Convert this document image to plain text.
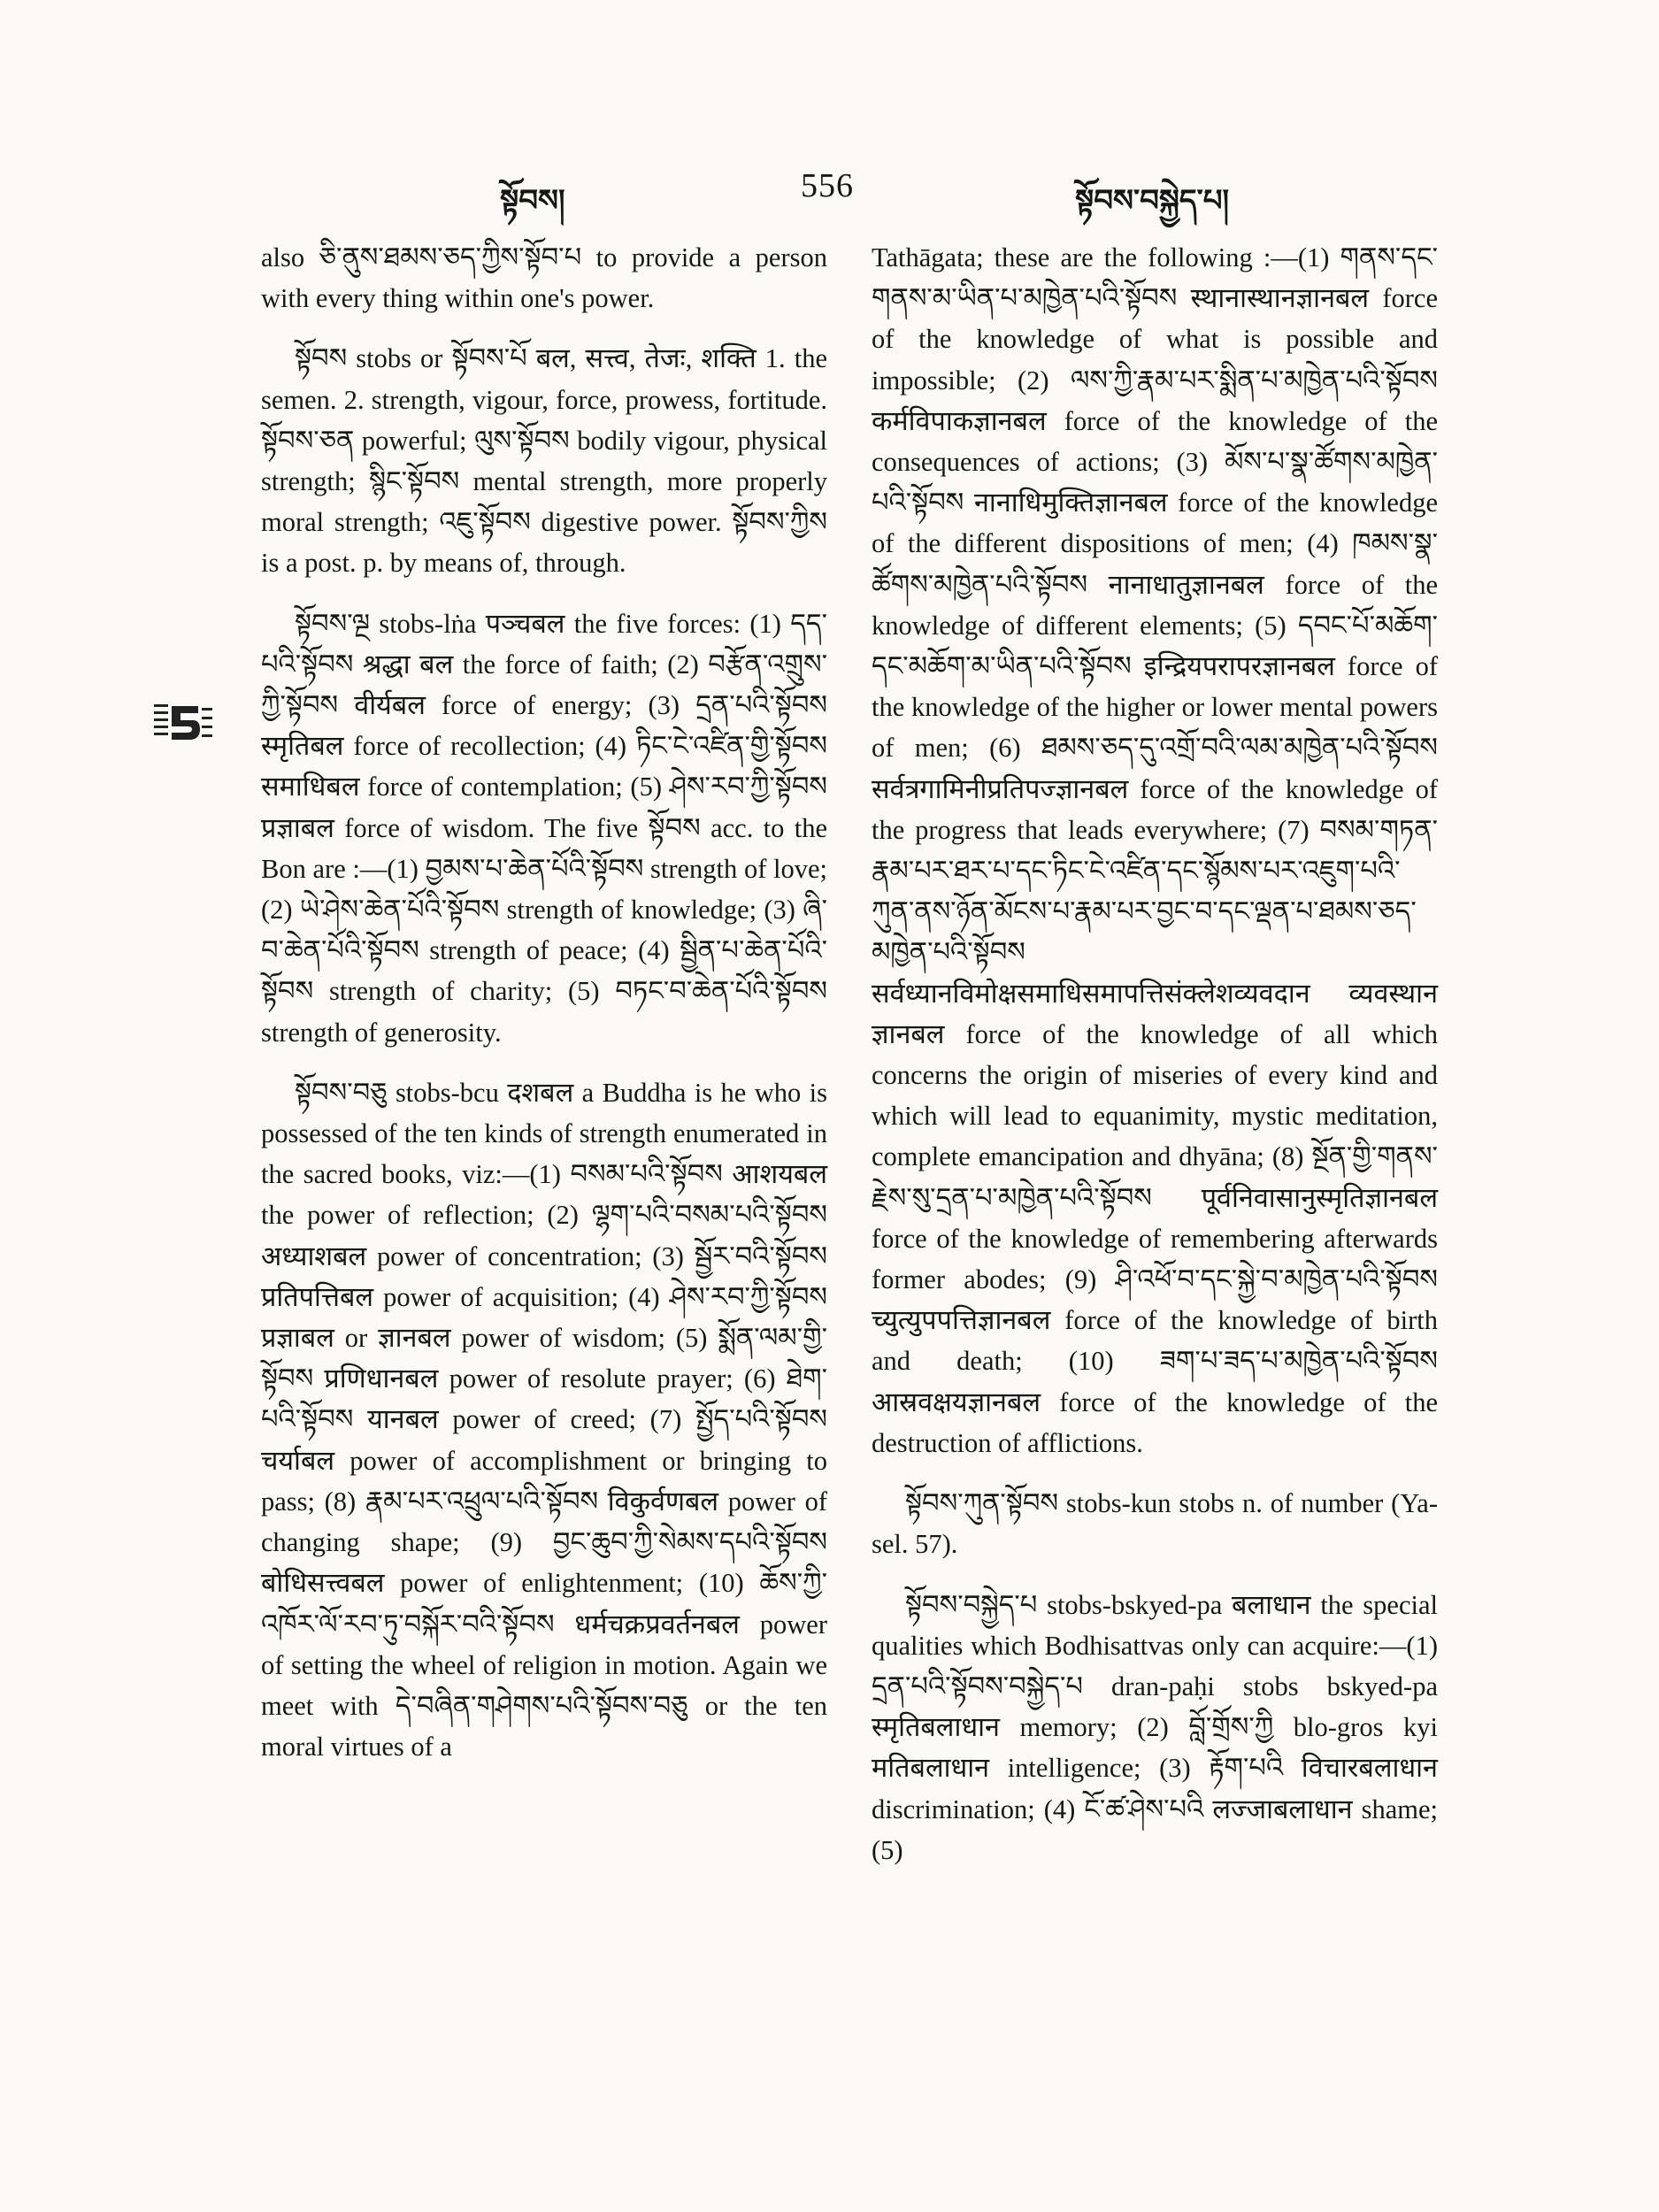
སྟོབས།	556	སྟོབས་བསྐྱེད་པ།

also ཅི་ནུས་ཐམས་ཅད་ཀྱིས་སྟོབ་པ to provide a person with every thing within one's power.

སྟོབས stobs or སྟོབས་པོ बल, सत्त्व, तेजः, शक्ति 1. the semen. 2. strength, vigour, force, prowess, fortitude. སྟོབས་ཅན powerful; ལུས་སྟོབས bodily vigour, physical strength; སྙིང་སྟོབས mental strength, more properly moral strength; འཇུ་སྟོབས digestive power. སྟོབས་ཀྱིས is a post. p. by means of, through.

སྟོབས་ལྔ stobs-lṅa पञ्चबल the five forces: (1) དད་པའི་སྟོབས श्रद्धा बल the force of faith; (2) བརྩོན་འགྲུས་ཀྱི་སྟོབས वीर्यबल force of energy; (3) དྲན་པའི་སྟོབས स्मृतिबल force of recollection; (4) ཏིང་ངེ་འཛིན་གྱི་སྟོབས समाधिबल force of contemplation; (5) ཤེས་རབ་ཀྱི་སྟོབས प्रज्ञाबल force of wisdom. The five སྟོབས acc. to the Bon are :—(1) བྱམས་པ་ཆེན་པོའི་སྟོབས strength of love; (2) ཡེ་ཤེས་ཆེན་པོའི་སྟོབས strength of knowledge; (3) ཞི་བ་ཆེན་པོའི་སྟོབས strength of peace; (4) སྦྱིན་པ་ཆེན་པོའི་སྟོབས strength of charity; (5) བཏང་བ་ཆེན་པོའི་སྟོབས strength of generosity.

སྟོབས་བཅུ stobs-bcu दशबल a Buddha is he who is possessed of the ten kinds of strength enumerated in the sacred books, viz:—(1) བསམ་པའི་སྟོབས आशयबल the power of reflection; (2) ལྷག་པའི་བསམ་པའི་སྟོབས अध्याशबल power of concentration; (3) སྦྱོར་བའི་སྟོབས प्रतिपत्तिबल power of acquisition; (4) ཤེས་རབ་ཀྱི་སྟོབས प्रज्ञाबल or ज्ञानबल power of wisdom; (5) སྨོན་ལམ་གྱི་སྟོབས प्रणिधानबल power of resolute prayer; (6) ཐེག་པའི་སྟོབས यानबल power of creed; (7) སྤྱོད་པའི་སྟོབས चर्याबल power of accomplishment or bringing to pass; (8) རྣམ་པར་འཕྲུལ་པའི་སྟོབས विकुर्वणबल power of changing shape; (9) བྱང་ཆུབ་ཀྱི་སེམས་དཔའི་སྟོབས बोधिसत्त्वबल power of enlightenment; (10) ཆོས་ཀྱི་འཁོར་ལོ་རབ་ཏུ་བསྐོར་བའི་སྟོབས धर्मचक्रप्रवर्तनबल power of setting the wheel of religion in motion. Again we meet with དེ་བཞིན་གཤེགས་པའི་སྟོབས་བཅུ or the ten moral virtues of a

Tathāgata; these are the following :—(1) གནས་དང་གནས་མ་ཡིན་པ་མཁྱེན་པའི་སྟོབས स्थानास्थानज्ञानबल force of the knowledge of what is possible and impossible; (2) ལས་ཀྱི་རྣམ་པར་སྨིན་པ་མཁྱེན་པའི་སྟོབས कर्मविपाकज्ञानबल force of the knowledge of the consequences of actions; (3) མོས་པ་སྣ་ཚོགས་མཁྱེན་པའི་སྟོབས नानाधिमुक्तिज्ञानबल force of the knowledge of the different dispositions of men; (4) ཁམས་སྣ་ཚོགས་མཁྱེན་པའི་སྟོབས नानाधातुज्ञानबल force of the knowledge of different elements; (5) དབང་པོ་མཆོག་དང་མཆོག་མ་ཡིན་པའི་སྟོབས इन्द्रियपरापरज्ञानबल force of the knowledge of the higher or lower mental powers of men; (6) ཐམས་ཅད་དུ་འགྲོ་བའི་ལམ་མཁྱེན་པའི་སྟོབས सर्वत्रगामिनीप्रतिपज्ज्ञानबल force of the knowledge of the progress that leads everywhere; (7) བསམ་གཏན་རྣམ་པར་ཐར་པ་དང་ཏིང་ངེ་འཛིན་དང་སྙོམས་པར་འཇུག་པའི་ཀུན་ནས་ཉོན་མོངས་པ་རྣམ་པར་བྱང་བ་དང་ལྡན་པ་ཐམས་ཅད་མཁྱེན་པའི་སྟོབས सर्वध्यानविमोक्षसमाधिसमापत्तिसंक्लेशव्यवदान व्यवस्थान ज्ञानबल force of the knowledge of all which concerns the origin of miseries of every kind and which will lead to equanimity, mystic meditation, complete emancipation and dhyāna; (8) སྔོན་གྱི་གནས་རྗེས་སུ་དྲན་པ་མཁྱེན་པའི་སྟོབས पूर्वनिवासानुस्मृतिज्ञानबल force of the knowledge of remembering afterwards former abodes; (9) ཤི་འཕོ་བ་དང་སྐྱེ་བ་མཁྱེན་པའི་སྟོབས च्युत्युपपत्तिज्ञानबल force of the knowledge of birth and death; (10) ཟག་པ་ཟད་པ་མཁྱེན་པའི་སྟོབས आस्रवक्षयज्ञानबल force of the knowledge of the destruction of afflictions.

སྟོབས་ཀུན་སྟོབས stobs-kun stobs n. of number (Ya-sel. 57).

སྟོབས་བསྐྱེད་པ stobs-bskyed-pa बलाधान the special qualities which Bodhisattvas only can acquire:—(1) དྲན་པའི་སྟོབས་བསྐྱེད་པ dran-paḥi stobs bskyed-pa स्मृतिबलाधान memory; (2) བློ་གྲོས་ཀྱི blo-gros kyi मतिबलाधान intelligence; (3) རྟོག་པའི विचारबलाधान discrimination; (4) ངོ་ཚ་ཤེས་པའི लज्जाबलाधान shame; (5)
